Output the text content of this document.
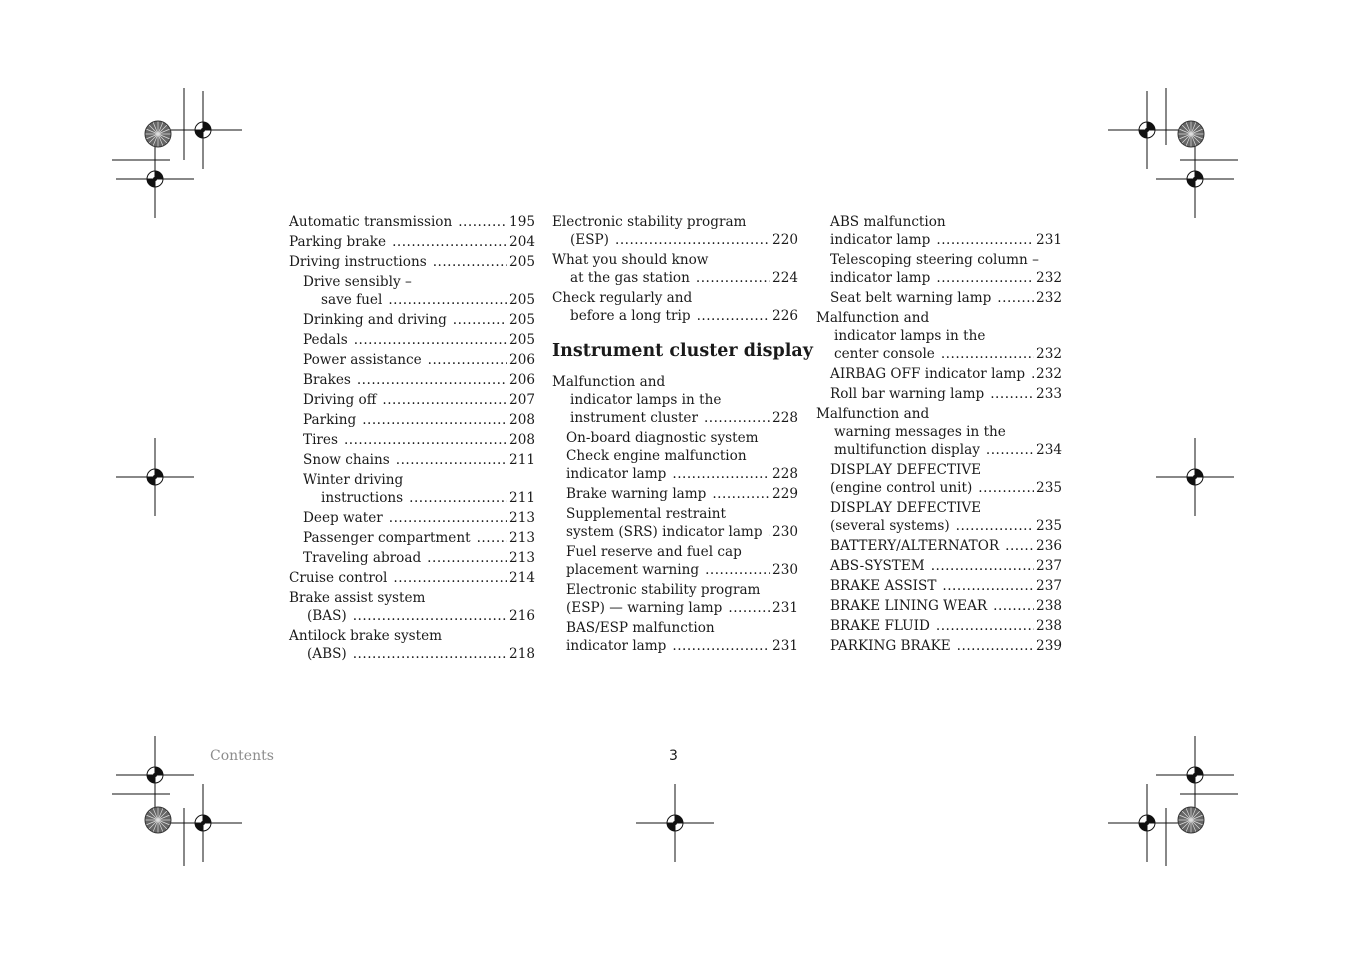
Automatic transmission .....	195
Parking brake .....	204
Driving instructions .....	205
Drive sensibly –
save fuel .....	205
Drinking and driving .....	205
Pedals .....	205
Power assistance .....	206
Brakes .....	206
Driving off .....	207
Parking .....	208
Tires .....	208
Snow chains .....	211
Winter driving
instructions .....	211
Deep water .....	213
Passenger compartment .....	213
Traveling abroad .....	213
Cruise control .....	214
Brake assist system
(BAS) .....	216
Antilock brake system
(ABS) .....	218
Electronic stability program
(ESP) .....	220
What you should know
at the gas station .....	224
Check regularly and
before a long trip .....	226
Instrument cluster display
Malfunction and
indicator lamps in the
instrument cluster .....	228
On-board diagnostic system
Check engine malfunction
indicator lamp .....	228
Brake warning lamp .....	229
Supplemental restraint
system (SRS) indicator lamp ..... 230
Fuel reserve and fuel cap
placement warning .....	230
Electronic stability program
(ESP) — warning lamp .....	231
BAS/ESP malfunction
indicator lamp .....	231
ABS malfunction
indicator lamp .....	231
Telescoping steering column –
indicator lamp .....	232
Seat belt warning lamp .....	232
Malfunction and
indicator lamps in the
center console .....	232
AIRBAG OFF indicator lamp ..... 232
Roll bar warning lamp .....	233
Malfunction and
warning messages in the
multifunction display .....	234
DISPLAY DEFECTIVE
(engine control unit) .....	235
DISPLAY DEFECTIVE
(several systems) .....	235
BATTERY/ALTERNATOR .....	236
ABS-SYSTEM .....	237
BRAKE ASSIST .....	237
BRAKE LINING WEAR .....	238
BRAKE FLUID .....	238
PARKING BRAKE .....	239
Contents	3
